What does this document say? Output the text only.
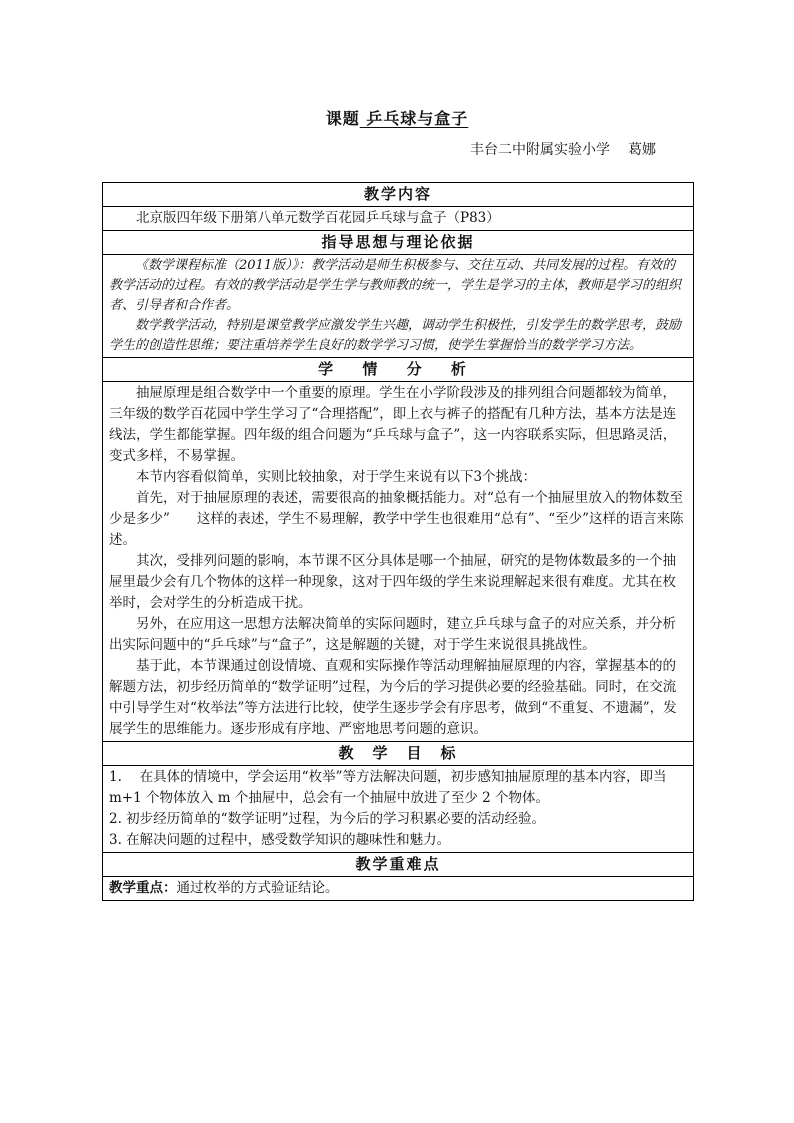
课题 乒乓球与盒子
丰台二中附属实验小学 葛娜
教学内容

北京版四年级下册第八单元数学百花园乒乓球与盒子（P83）

指导思想与理论依据

《数学课程标准（2011版）》：教学活动是师生积极参与、交往互动、共同发展的过程。有效的教学活动的过程。有效的教学活动是学生学与教师教的统一，学生是学习的主体，教师是学习的组织者、引导者和合作者。

数学教学活动，特别是课堂教学应激发学生兴趣，调动学生积极性，引发学生的数学思考，鼓励学生的创造性思维；要注重培养学生良好的数学学习习惯，使学生掌握恰当的数学学习方法。

学 情 分 析

抽屉原理是组合数学中一个重要的原理。学生在小学阶段涉及的排列组合问题都较为简单，三年级的数学百花园中学生学习了“合理搭配”，即上衣与裤子的搭配有几种方法，基本方法是连线法，学生都能掌握。四年级的组合问题为“乒乓球与盒子”，这一内容联系实际，但思路灵活，变式多样，不易掌握。

本节内容看似简单，实则比较抽象，对于学生来说有以下3个挑战：

首先，对于抽屉原理的表述，需要很高的抽象概括能力。对“总有一个抽屉里放入的物体数至少是多少”　　这样的表述，学生不易理解，教学中学生也很难用“总有”、“至少”这样的语言来陈述。

其次，受排列问题的影响，本节课不区分具体是哪一个抽屉，研究的是物体数最多的一个抽屉里最少会有几个物体的这样一种现象，这对于四年级的学生来说理解起来很有难度。尤其在枚举时，会对学生的分析造成干扰。

另外，在应用这一思想方法解决简单的实际问题时，建立乒乓球与盒子的对应关系，并分析出实际问题中的“乒乓球”与“盒子”，这是解题的关键，对于学生来说很具挑战性。

基于此，本节课通过创设情境、直观和实际操作等活动理解抽屉原理的内容，掌握基本的的解题方法，初步经历简单的“数学证明”过程，为今后的学习提供必要的经验基础。同时，在交流中引导学生对“枚举法”等方法进行比较，使学生逐步学会有序思考，做到“不重复、不遗漏”，发展学生的思维能力。逐步形成有序地、严密地思考问题的意识。

教　学　目　标

1.　 在具体的情境中，学会运用“枚举”等方法解决问题，初步感知抽屉原理的基本内容，即当 m+1 个物体放入 m 个抽屉中，总会有一个抽屉中放进了至少 2 个物体。

2. 初步经历简单的“数学证明”过程，为今后的学习积累必要的活动经验。

3. 在解决问题的过程中，感受数学知识的趣味性和魅力。

教学重难点
教学重点：通过枚举的方式验证结论。
